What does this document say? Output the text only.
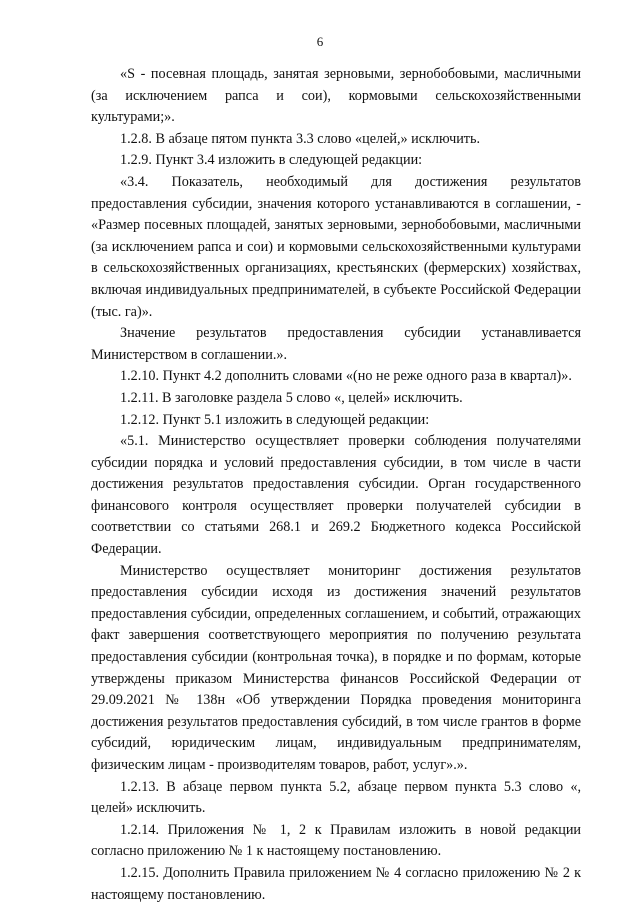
6

«S - посевная площадь, занятая зерновыми, зернобобовыми, масличными (за исключением рапса и сои), кормовыми сельскохозяйственными культурами;».

1.2.8. В абзаце пятом пункта 3.3 слово «целей,» исключить.

1.2.9. Пункт 3.4 изложить в следующей редакции:

«3.4. Показатель, необходимый для достижения результатов предоставления субсидии, значения которого устанавливаются в соглашении, - «Размер посевных площадей, занятых зерновыми, зернобобовыми, масличными (за исключением рапса и сои) и кормовыми сельскохозяйственными культурами в сельскохозяйственных организациях, крестьянских (фермерских) хозяйствах, включая индивидуальных предпринимателей, в субъекте Российской Федерации (тыс. га)».

Значение результатов предоставления субсидии устанавливается Министерством в соглашении.».

1.2.10. Пункт 4.2 дополнить словами «(но не реже одного раза в квартал)».

1.2.11. В заголовке раздела 5 слово «, целей» исключить.

1.2.12. Пункт 5.1 изложить в следующей редакции:

«5.1. Министерство осуществляет проверки соблюдения получателями субсидии порядка и условий предоставления субсидии, в том числе в части достижения результатов предоставления субсидии. Орган государственного финансового контроля осуществляет проверки получателей субсидии в соответствии со статьями 268.1 и 269.2 Бюджетного кодекса Российской Федерации.

Министерство осуществляет мониторинг достижения результатов предоставления субсидии исходя из достижения значений результатов предоставления субсидии, определенных соглашением, и событий, отражающих факт завершения соответствующего мероприятия по получению результата предоставления субсидии (контрольная точка), в порядке и по формам, которые утверждены приказом Министерства финансов Российской Федерации от 29.09.2021 № 138н «Об утверждении Порядка проведения мониторинга достижения результатов предоставления субсидий, в том числе грантов в форме субсидий, юридическим лицам, индивидуальным предпринимателям, физическим лицам - производителям товаров, работ, услуг».».

1.2.13. В абзаце первом пункта 5.2, абзаце первом пункта 5.3 слово «, целей» исключить.

1.2.14. Приложения № 1, 2 к Правилам изложить в новой редакции согласно приложению № 1 к настоящему постановлению.

1.2.15. Дополнить Правила приложением № 4 согласно приложению № 2 к настоящему постановлению.
